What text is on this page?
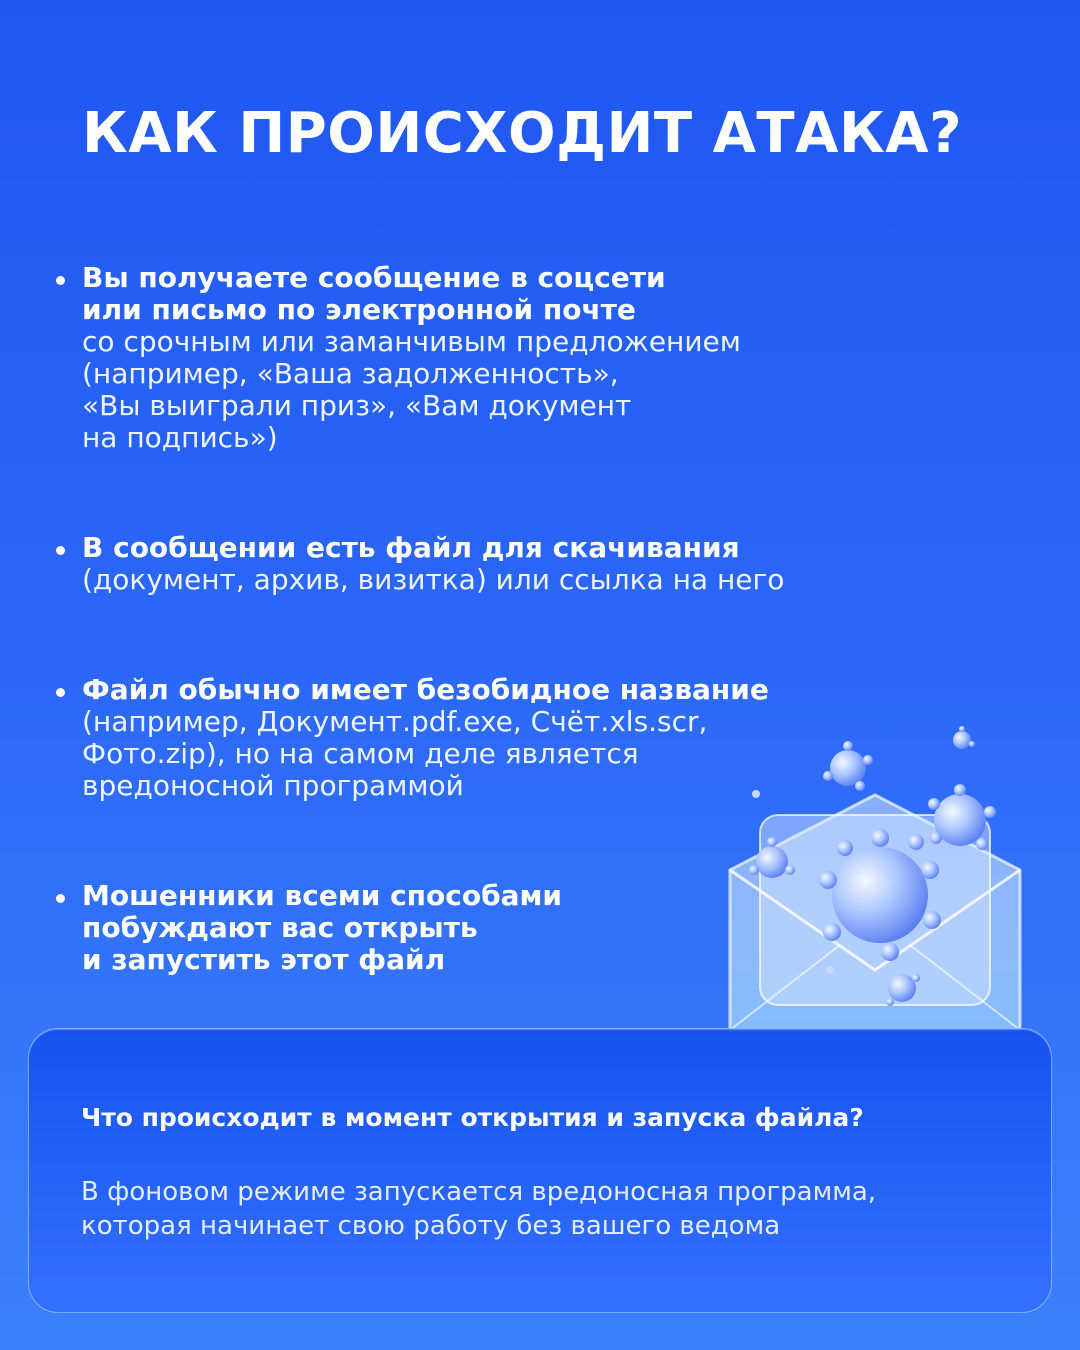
КАК ПРОИСХОДИТ АТАКА?
Вы получаете сообщение в соцсети
или письмо по электронной почте
со срочным или заманчивым предложением
(например, «Ваша задолженность»,
«Вы выиграли приз», «Вам документ
на подпись»)
В сообщении есть файл для скачивания
(документ, архив, визитка) или ссылка на него
Файл обычно имеет безобидное название
(например, Документ.pdf.exe, Счёт.xls.scr,
Фото.zip), но на самом деле является
вредоносной программой
Мошенники всеми способами
побуждают вас открыть
и запустить этот файл

Что происходит в момент открытия и запуска файла?

В фоновом режиме запускается вредоносная программа,
которая начинает свою работу без вашего ведома
